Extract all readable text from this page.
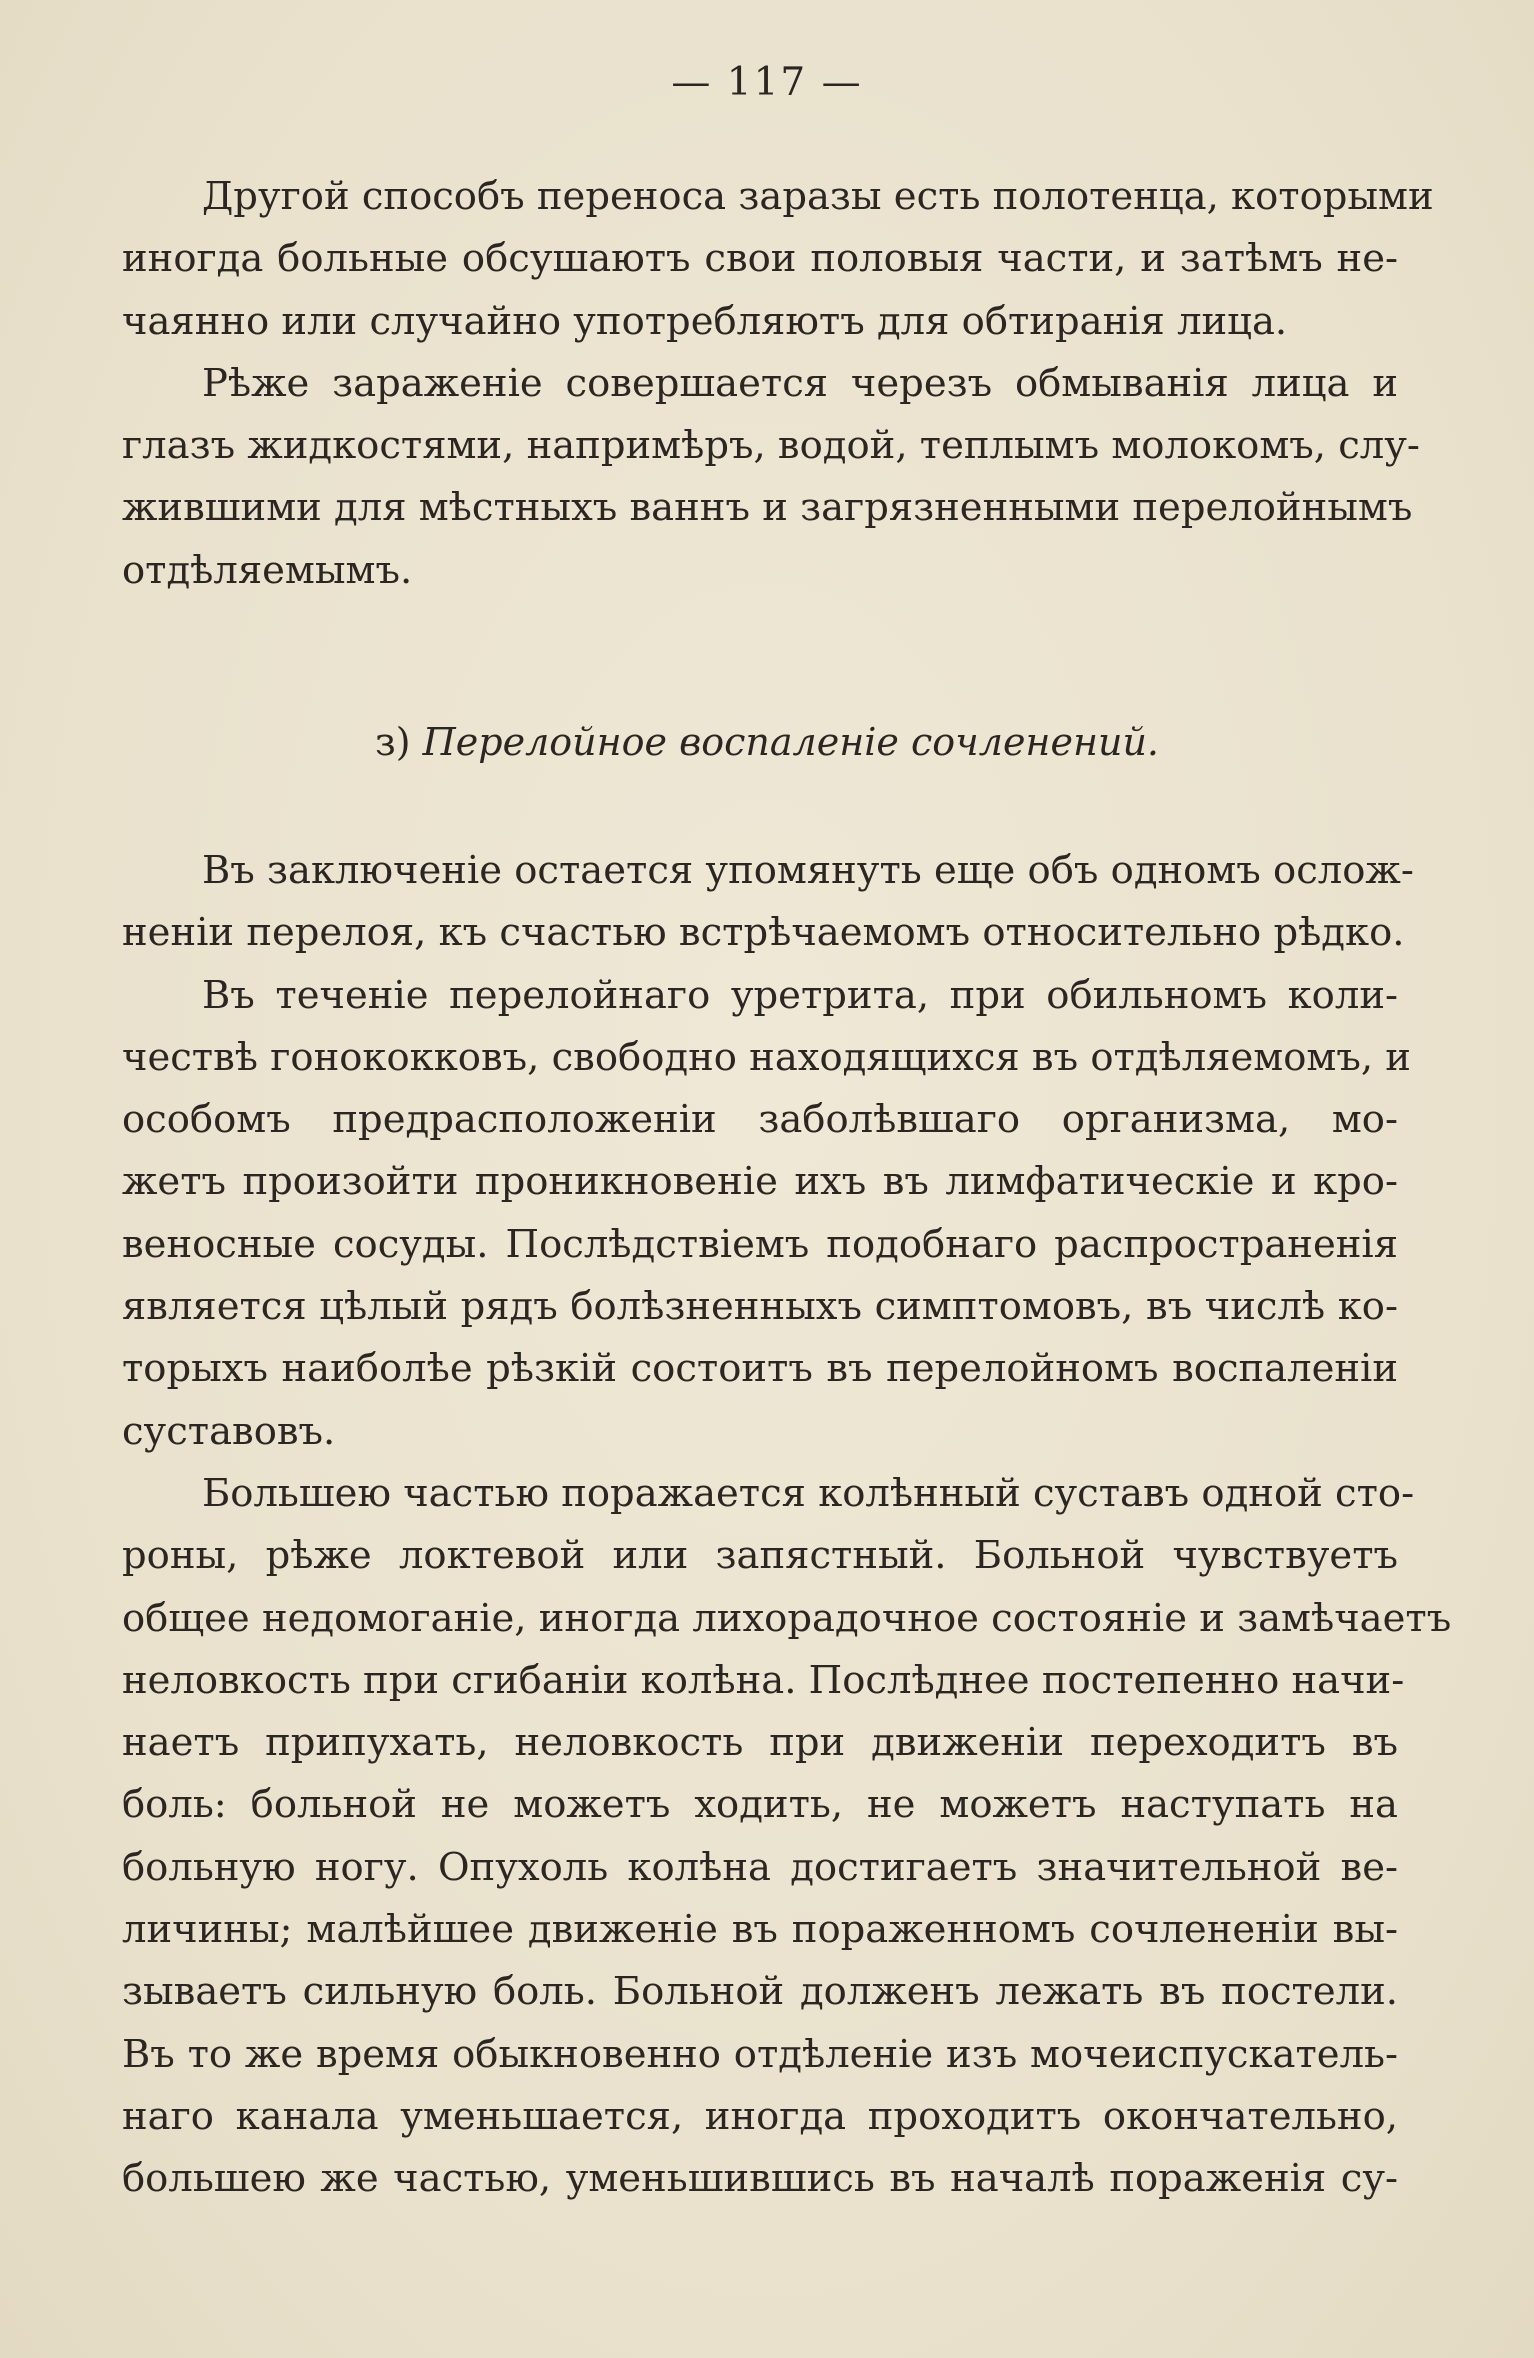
— 117 —

Другой способъ переноса заразы есть полотенца, которыми

иногда больные обсушаютъ свои половыя части, и затѣмъ не-

чаянно или случайно употребляютъ для обтиранія лица.

Рѣже зараженіе совершается черезъ обмыванія лица и

глазъ жидкостями, напримѣръ, водой, теплымъ молокомъ, слу-

жившими для мѣстныхъ ваннъ и загрязненными перелойнымъ

отдѣляемымъ.

з) Перелойное воспаленіе сочленений.

Въ заключеніе остается упомянуть еще объ одномъ ослож-

неніи перелоя, къ счастью встрѣчаемомъ относительно рѣдко.

Въ теченіе перелойнаго уретрита, при обильномъ коли-

чествѣ гонококковъ, свободно находящихся въ отдѣляемомъ, и

особомъ предрасположеніи заболѣвшаго организма, мо-

жетъ произойти проникновеніе ихъ въ лимфатическіе и кро-

веносные сосуды. Послѣдствіемъ подобнаго распространенія

является цѣлый рядъ болѣзненныхъ симптомовъ, въ числѣ ко-

торыхъ наиболѣе рѣзкій состоитъ въ перелойномъ воспаленіи

суставовъ.

Большею частью поражается колѣнный суставъ одной сто-

роны, рѣже локтевой или запястный. Больной чувствуетъ

общее недомоганіе, иногда лихорадочное состояніе и замѣчаетъ

неловкость при сгибаніи колѣна. Послѣднее постепенно начи-

наетъ припухать, неловкость при движеніи переходитъ въ

боль: больной не можетъ ходить, не можетъ наступать на

больную ногу. Опухоль колѣна достигаетъ значительной ве-

личины; малѣйшее движеніе въ пораженномъ сочлененіи вы-

зываетъ сильную боль. Больной долженъ лежать въ постели.

Въ то же время обыкновенно отдѣленіе изъ мочеиспускатель-

наго канала уменьшается, иногда проходитъ окончательно,

большею же частью, уменьшившись въ началѣ пораженія су-
